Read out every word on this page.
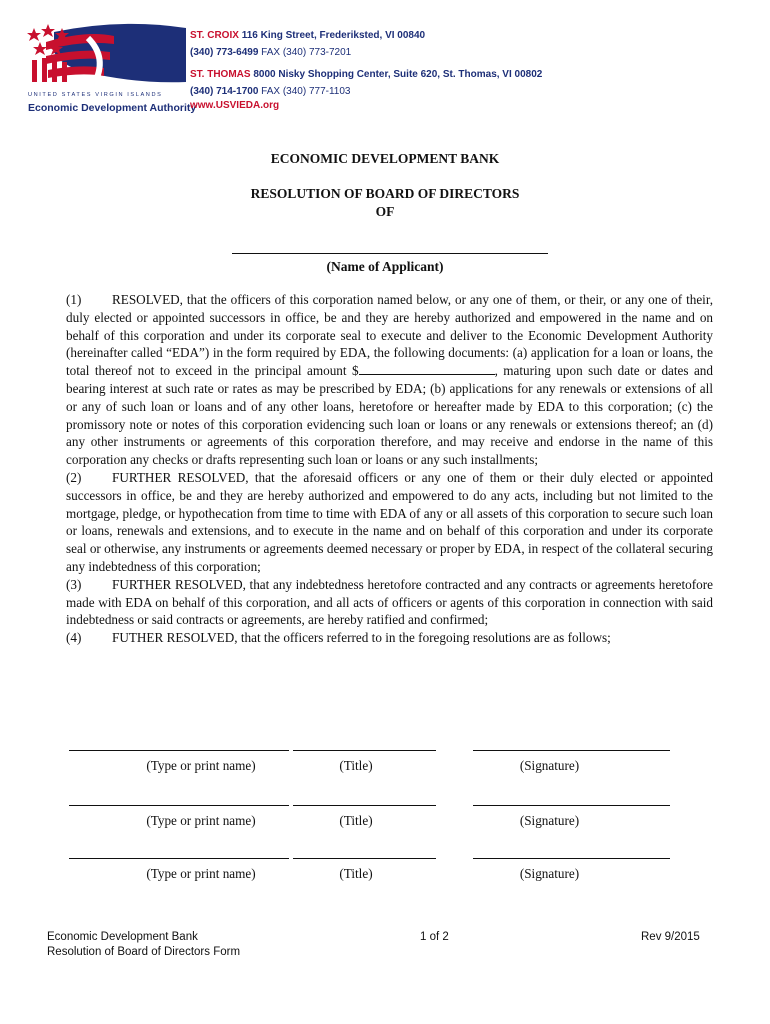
UNITED STATES VIRGIN ISLANDS
Economic Development Authority
ST. CROIX 116 King Street, Frederiksted, VI 00840
(340) 773-6499 FAX (340) 773-7201
ST. THOMAS 8000 Nisky Shopping Center, Suite 620, St. Thomas, VI 00802
(340) 714-1700 FAX (340) 777-1103
www.USVIEDA.org
ECONOMIC DEVELOPMENT BANK
RESOLUTION OF BOARD OF DIRECTORS
OF
(Name of Applicant)

(1) RESOLVED, that the officers of this corporation named below, or any one of them, or their, or any one of their, duly elected or appointed successors in office, be and they are hereby authorized and empowered in the name and on behalf of this corporation and under its corporate seal to execute and deliver to the Economic Development Authority (hereinafter called “EDA”) in the form required by EDA, the following documents: (a) application for a loan or loans, the total thereof not to exceed in the principal amount $	, maturing upon such date or dates and bearing interest at such rate or rates as may be prescribed by EDA; (b) applications for any renewals or extensions of all or any of such loan or loans and of any other loans, heretofore or hereafter made by EDA to this corporation; (c) the promissory note or notes of this corporation evidencing such loan or loans or any renewals or extensions thereof; an (d) any other instruments or agreements of this corporation therefore, and may receive and endorse in the name of this corporation any checks or drafts representing such loan or loans or any such installments;

(2) FURTHER RESOLVED, that the aforesaid officers or any one of them or their duly elected or appointed successors in office, be and they are hereby authorized and empowered to do any acts, including but not limited to the mortgage, pledge, or hypothecation from time to time with EDA of any or all assets of this corporation to secure such loan or loans, renewals and extensions, and to execute in the name and on behalf of this corporation and under its corporate seal or otherwise, any instruments or agreements deemed necessary or proper by EDA, in respect of the collateral securing any indebtedness of this corporation;

(3) FURTHER RESOLVED, that any indebtedness heretofore contracted and any contracts or agreements heretofore made with EDA on behalf of this corporation, and all acts of officers or agents of this corporation in connection with said indebtedness or said contracts or agreements, are hereby ratified and confirmed;

(4) FUTHER RESOLVED, that the officers referred to in the foregoing resolutions are as follows;

(Type or print name)	(Title)	(Signature)
(Type or print name)	(Title)	(Signature)
(Type or print name)	(Title)	(Signature)
Economic Development Bank
Resolution of Board of Directors Form
1 of 2	Rev 9/2015
